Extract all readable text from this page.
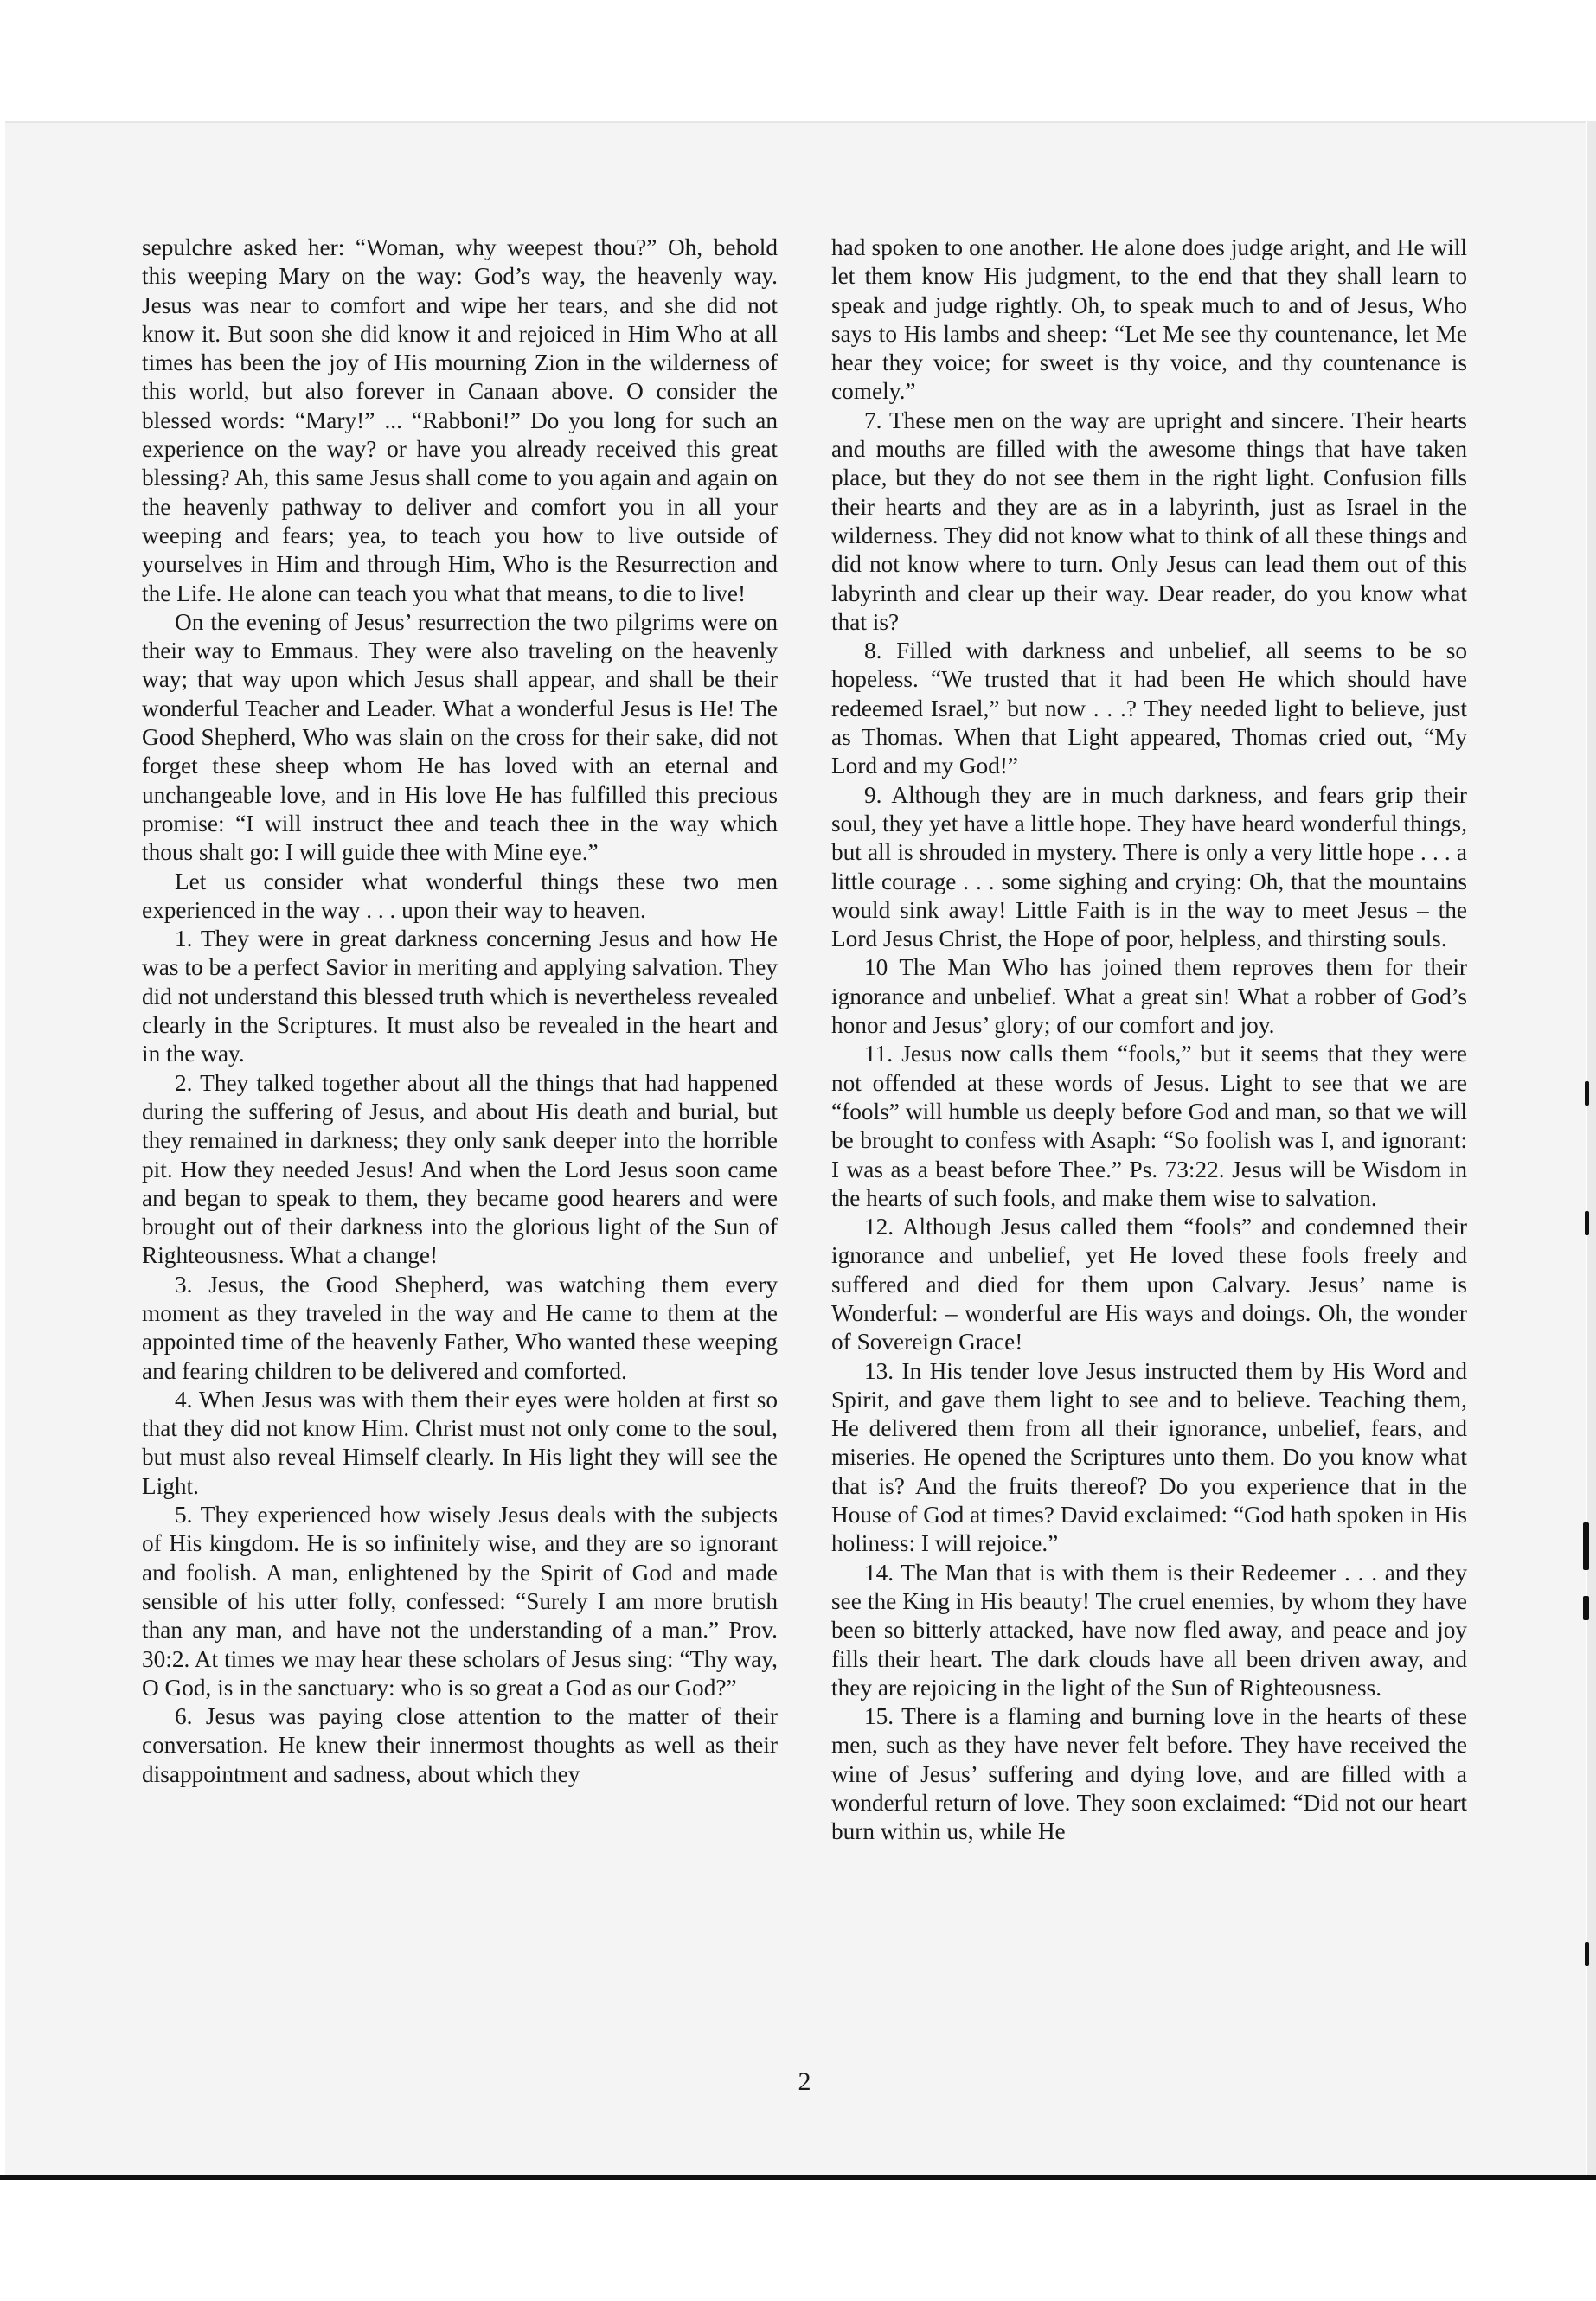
sepulchre asked her: “Woman, why weepest thou?” Oh, behold this weeping Mary on the way: God’s way, the heavenly way. Jesus was near to comfort and wipe her tears, and she did not know it. But soon she did know it and rejoiced in Him Who at all times has been the joy of His mourning Zion in the wilderness of this world, but also forever in Canaan above. O consider the blessed words: “Mary!” ... “Rabboni!” Do you long for such an experience on the way? or have you already received this great blessing? Ah, this same Jesus shall come to you again and again on the heavenly pathway to deliver and comfort you in all your weeping and fears; yea, to teach you how to live outside of yourselves in Him and through Him, Who is the Resurrection and the Life. He alone can teach you what that means, to die to live!

On the evening of Jesus’ resurrection the two pilgrims were on their way to Emmaus. They were also traveling on the heavenly way; that way upon which Jesus shall appear, and shall be their wonderful Teacher and Leader. What a wonderful Jesus is He! The Good Shepherd, Who was slain on the cross for their sake, did not forget these sheep whom He has loved with an eternal and unchangeable love, and in His love He has fulfilled this precious promise: “I will instruct thee and teach thee in the way which thous shalt go: I will guide thee with Mine eye.”

Let us consider what wonderful things these two men experienced in the way . . . upon their way to heaven.

1. They were in great darkness concerning Jesus and how He was to be a perfect Savior in meriting and applying salvation. They did not understand this blessed truth which is nevertheless revealed clearly in the Scriptures. It must also be revealed in the heart and in the way.

2. They talked together about all the things that had happened during the suffering of Jesus, and about His death and burial, but they remained in darkness; they only sank deeper into the horrible pit. How they needed Jesus! And when the Lord Jesus soon came and began to speak to them, they became good hearers and were brought out of their darkness into the glorious light of the Sun of Righteousness. What a change!

3. Jesus, the Good Shepherd, was watching them every moment as they traveled in the way and He came to them at the appointed time of the heavenly Father, Who wanted these weeping and fearing children to be delivered and comforted.

4. When Jesus was with them their eyes were holden at first so that they did not know Him. Christ must not only come to the soul, but must also reveal Himself clearly. In His light they will see the Light.

5. They experienced how wisely Jesus deals with the subjects of His kingdom. He is so infinitely wise, and they are so ignorant and foolish. A man, enlightened by the Spirit of God and made sensible of his utter folly, confessed: “Surely I am more brutish than any man, and have not the understanding of a man.” Prov. 30:2. At times we may hear these scholars of Jesus sing: “Thy way, O God, is in the sanctuary: who is so great a God as our God?”

6. Jesus was paying close attention to the matter of their conversation. He knew their innermost thoughts as well as their disappointment and sadness, about which they

had spoken to one another. He alone does judge aright, and He will let them know His judgment, to the end that they shall learn to speak and judge rightly. Oh, to speak much to and of Jesus, Who says to His lambs and sheep: “Let Me see thy countenance, let Me hear they voice; for sweet is thy voice, and thy countenance is comely.”

7. These men on the way are upright and sincere. Their hearts and mouths are filled with the awesome things that have taken place, but they do not see them in the right light. Confusion fills their hearts and they are as in a labyrinth, just as Israel in the wilderness. They did not know what to think of all these things and did not know where to turn. Only Jesus can lead them out of this labyrinth and clear up their way. Dear reader, do you know what that is?

8. Filled with darkness and unbelief, all seems to be so hopeless. “We trusted that it had been He which should have redeemed Israel,” but now . . .? They needed light to believe, just as Thomas. When that Light appeared, Thomas cried out, “My Lord and my God!”

9. Although they are in much darkness, and fears grip their soul, they yet have a little hope. They have heard wonderful things, but all is shrouded in mystery. There is only a very little hope . . . a little courage . . . some sighing and crying: Oh, that the mountains would sink away! Little Faith is in the way to meet Jesus – the Lord Jesus Christ, the Hope of poor, helpless, and thirsting souls.

10 The Man Who has joined them reproves them for their ignorance and unbelief. What a great sin! What a robber of God’s honor and Jesus’ glory; of our comfort and joy.

11. Jesus now calls them “fools,” but it seems that they were not offended at these words of Jesus. Light to see that we are “fools” will humble us deeply before God and man, so that we will be brought to confess with Asaph: “So foolish was I, and ignorant: I was as a beast before Thee.” Ps. 73:22. Jesus will be Wisdom in the hearts of such fools, and make them wise to salvation.

12. Although Jesus called them “fools” and condemned their ignorance and unbelief, yet He loved these fools freely and suffered and died for them upon Calvary. Jesus’ name is Wonderful: – wonderful are His ways and doings. Oh, the wonder of Sovereign Grace!

13. In His tender love Jesus instructed them by His Word and Spirit, and gave them light to see and to believe. Teaching them, He delivered them from all their ignorance, unbelief, fears, and miseries. He opened the Scriptures unto them. Do you know what that is? And the fruits thereof? Do you experience that in the House of God at times? David exclaimed: “God hath spoken in His holiness: I will rejoice.”

14. The Man that is with them is their Redeemer . . . and they see the King in His beauty! The cruel enemies, by whom they have been so bitterly attacked, have now fled away, and peace and joy fills their heart. The dark clouds have all been driven away, and they are rejoicing in the light of the Sun of Righteousness.

15. There is a flaming and burning love in the hearts of these men, such as they have never felt before. They have received the wine of Jesus’ suffering and dying love, and are filled with a wonderful return of love. They soon exclaimed: “Did not our heart burn within us, while He

2
